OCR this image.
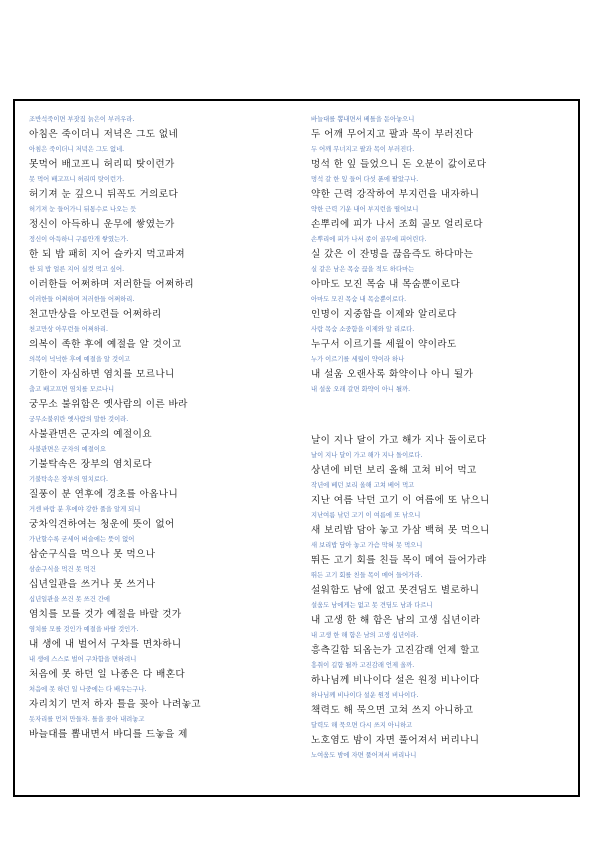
조반석죽이면 부잣집 늙은이 부러우라.
아침은 죽이더니 저녁은 그도 없네
아침은 죽이더니 저녁은 그도 없네.
못먹어 배고프니 허리띠 탓이런가
못 먹어 배고프니 허리띠 탓이런가.
허기져 눈 깊으니 뒤꼭도 거의로다
허기져 눈 들어가니 뒤통수로 나오는 듯
정신이 아득하니 운무에 쌓였는가
정신이 아득하니 구름안개 쌓였는가.
한 되 밥 패히 지어 슬카지 먹고파져
한 되 밥 얼른 지어 실컷 먹고 싶어.
이러한들 어쩌하며 저러한들 어쩌하리
이러한들 어쩌하며 저러한들 어쩌하리.
천고만상을 아모련들 어쩌하리
천고만상 아무런들 어쩌하리.
의복이 족한 후에 예절을 알 것이고
의복이 넉넉한 후에 예절을 알 것이고
기한이 자심하면 염치를 모르나니
춥고 배고프면 염치를 모르나니
궁무소 불위함은 옛사람의 이른 바라
궁무소불위란 옛사람의 말한 것이라.
사불관면은 군자의 예절이요
사불관면은 군자의 예절이요
기불탁속은 장부의 염치로다
기불탁속은 장부의 염치로다.
질풍이 분 연후에 경초를 아옵나니
거센 바람 분 후에야 강한 풀을 알게 되니
궁차익견하여는 청운에 뜻이 없어
가난할수록 굳세어 벼슬에는 뜻이 없어
삼순구식을 먹으나 못 먹으나
삼순구식을 먹건 못 먹건
십년일관을 쓰거나 못 쓰거나
십년일관을 쓰건 못 쓰건 간에
염치를 모를 것가 예절을 바랄 것가
염치를 모를 것인가 예절을 바랄 것인가.
내 생에 내 벌어서 구차를 면차하니
내 생에 스스로 벌어 구차함을 면하려니
처음에 못 하던 일 나종은 다 배혼다
처음에 못 하던 일 나중에는 다 배우는구나.
자리치기 먼저 하자 틀을 꽂아 나려놓고
돗자리를 먼저 만들자. 틀을 꽂아 내려놓고
바늘대를 뽑내면서 바디를 드놓을 제
바늘대를 뽑내면서 베틀을 돋아놓으니
두 어깨 무어지고 팔과 목이 부러진다
두 어깨 무너지고 팔과 목이 부러진다.
멍석 한 잎 들었으니 돈 오분이 값이로다
멍석 갈 한 잎 들어 다섯 푼에 팔았구나.
약한 근력 강작하여 부지런을 내자하니
약한 근력 기운 내어 부지런을 떨어보니
손뿌리에 피가 나서 조희 골모 얼리로다
손뿌리에 피가 나서 종이 골무에 피어린다.
실 갔은 이 잔명을 끊음즉도 하다마는
실 같은 남은 목숨 끊을 적도 하다마는
아마도 모진 목숨 내 목숨뿐이로다
아마도 모진 목숨 내 목숨뿐이로다.
인명이 지중함을 이제와 알리로다
사람 목숨 소중함을 이제와 알 리로다.
누구서 이르기를 세월이 약이라도
누가 이르기를 세월이 약이라 하나
내 설움 오랜사록 화약이나 아니 될가
내 설움 오래 갈면 화약이 아니 될까.
날이 지나 달이 가고 해가 지나 돌이로다
날이 지나 달이 가고 해가 지나 돌이로다.
상년에 비던 보리 올해 고쳐 비어 먹고
작년에 베던 보리 올해 고쳐 베어 먹고
지난 여름 낙던 고기 이 여름에 또 낚으니
지난여름 낚던 고기 이 여름에 또 낚으니
새 보리밥 담아 놓고 가삼 백혀 못 먹으니
새 보리밥 담아 놓고 가슴 막혀 못 먹으니
뛰든 고기 회를 친들 목이 메여 들어가랴
뛰든 고기 회를 친들 목이 메어 들어가라.
설워함도 남에 없고 못견딤도 별로하니
설움도 남에게는 없고 못 견딤도 남과 다르니
내 고생 한 해 함은 남의 고생 십년이라
내 고생 한 해 함은 남의 고생 십년이라.
흥측길함 되옵는가 고진감래 언제 할고
흥취이 길함 될까 고진감래 언제 올까.
하나님께 비나이다 설은 원정 비나이다
하나님께 비나이다 설운 원정 비나이다.
책력도 해 묵으면 고쳐 쓰지 아니하고
달력도 해 묵으면 다시 쓰지 아니하고
노호염도 밤이 자면 풀어져서 버리나니
노여움도 밤에 자면 풀어져서 버리나니
